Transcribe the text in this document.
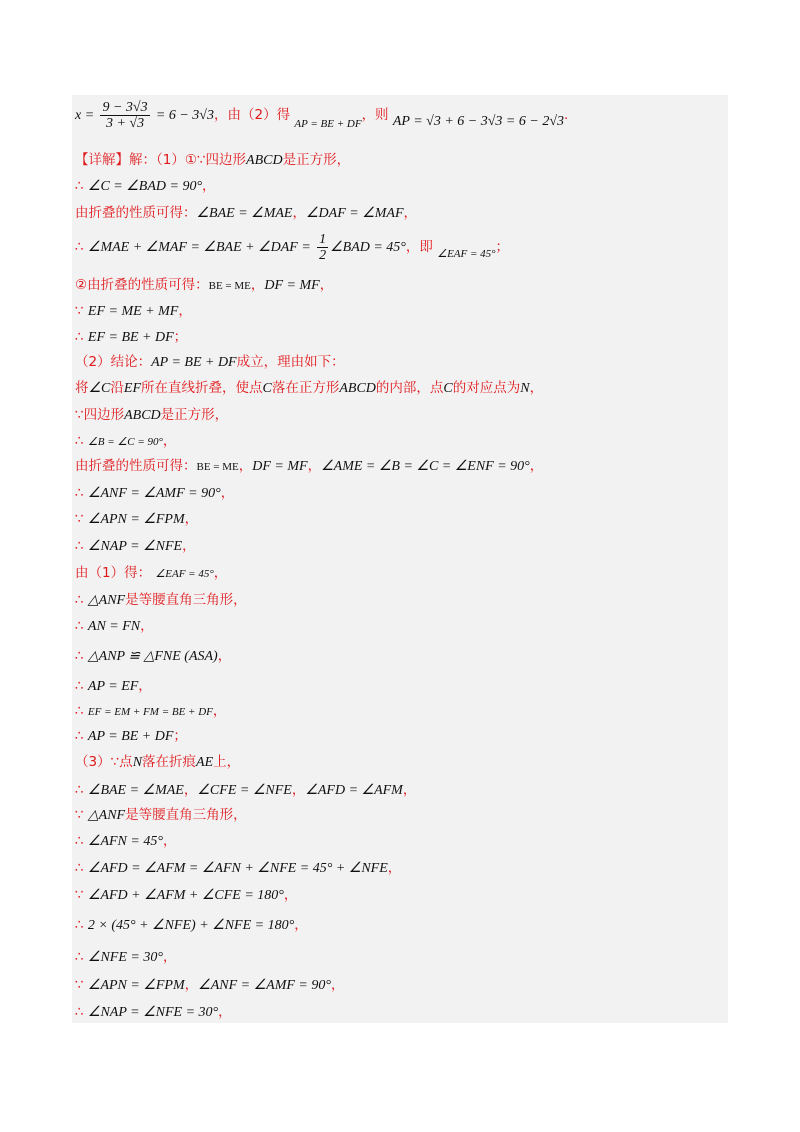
$x = \frac{9 - 3√3}{3 + √3} = 6 - 3√3$，由（2）得 $_{AP = BE + DF}$，则 AP = √3 + 6 − 3√3 = 6 − 2√3.
【详解】解：（1）①∵四边形ABCD是正方形，
∴ ∠C = ∠BAD = 90°，
由折叠的性质可得：∠BAE = ∠MAE，∠DAF = ∠MAF，
∴ ∠MAE + ∠MAF = ∠BAE + ∠DAF = $\frac{1}{2}$ ∠BAD = 45°，即 $_{\angle EAF = 45^\circ}$；
②由折叠的性质可得：BE = ME，DF = MF，
∵ EF = ME + MF，
∴ EF = BE + DF；
（2）结论：AP = BE + DF成立，理由如下：
将∠C沿EF所在直线折叠，使点C落在正方形ABCD的内部，点C的对应点为N，
∵四边形ABCD是正方形，
∴ ∠B = ∠C = 90°，
由折叠的性质可得：BE = ME，DF = MF，∠AME = ∠B = ∠C = ∠ENF = 90°，
∴ ∠ANF = ∠AMF = 90°，
∵ ∠APN = ∠FPM，
∴ ∠NAP = ∠NFE，
由（1）得： ∠EAF = 45°，
∴ △ANF是等腰直角三角形，
∴ AN = FN，
∴ △ANP ≌ △FNE (ASA)，
∴ AP = EF，
∴ EF = EM + FM = BE + DF，
∴ AP = BE + DF；
（3）∵点N落在折痕AE上，
∴ ∠BAE = ∠MAE，∠CFE = ∠NFE，∠AFD = ∠AFM，
∵ △ANF是等腰直角三角形，
∴ ∠AFN = 45°，
∴ ∠AFD = ∠AFM = ∠AFN + ∠NFE = 45° + ∠NFE，
∵ ∠AFD + ∠AFM + ∠CFE = 180°，
∴ 2 × (45° + ∠NFE) + ∠NFE = 180°，
∴ ∠NFE = 30°，
∵ ∠APN = ∠FPM，∠ANF = ∠AMF = 90°，
∴ ∠NAP = ∠NFE = 30°，
